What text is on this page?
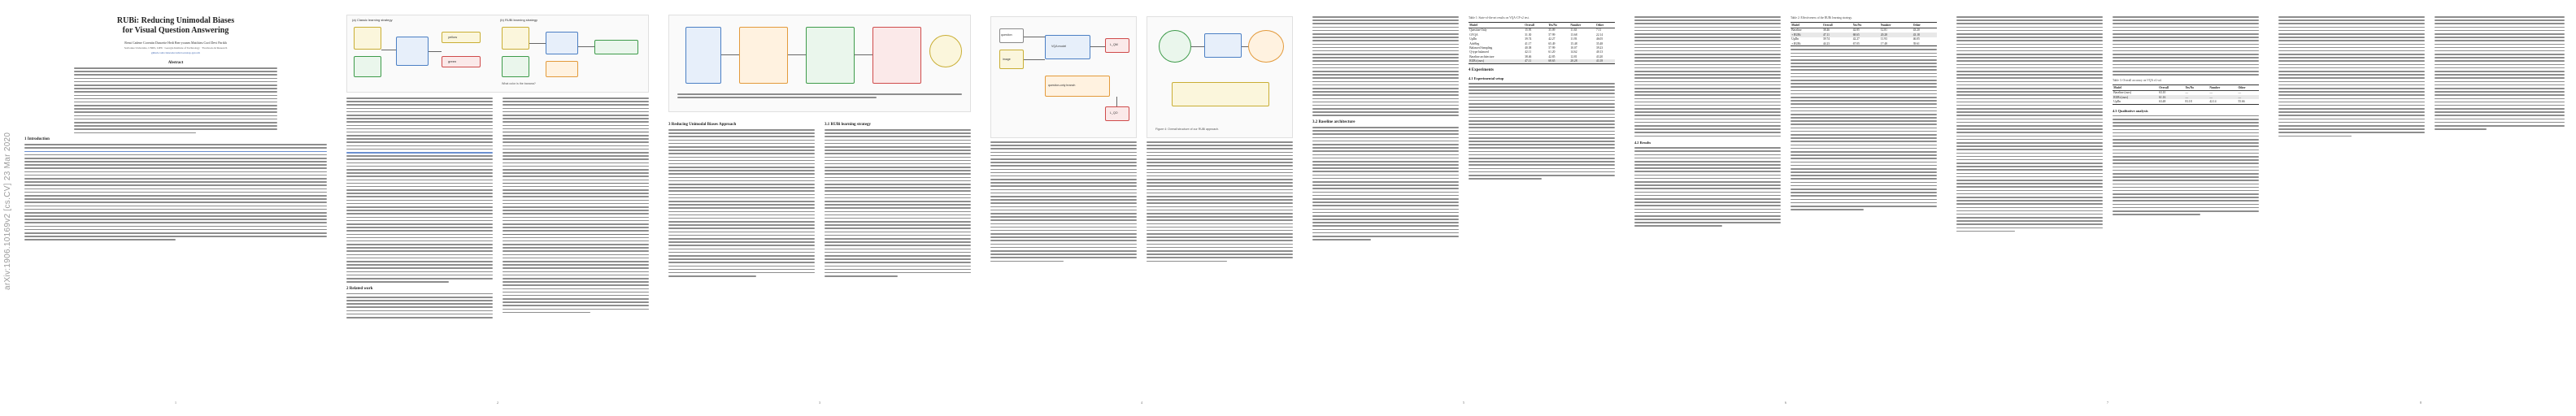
arXiv:1906.10169v2 [cs.CV] 23 Mar 2020
RUBi: Reducing Unimodal Biases
for Visual Question Answering
Remi Cadene Corentin Dancette Hedi Ben-younes Matthieu Cord Devi Parikh
Sorbonne Universite, CNRS, LIP6 · Georgia Institute of Technology · Facebook AI Research
github.com/cdancette/rubi.bootstrap.pytorch
Abstract
1 Introduction
1
(a) Classic learning strategy	(b) RUBi learning strategy
yellow
green
What color is the banana?
2 Related work
2
3 Reducing Unimodal Biases Approach	3.1 RUBi learning strategy
3
question
image
VQA model
question-only branch
L_QM
L_QO
Figure 4: Overall structure of our RUBi approach.
4
3.2 Baseline architecture
Table 1: State-of-the-art results on VQA-CP v2 test.
Model	Overall	Yes/No	Number	Other
Question-Only	15.95	35.09	11.63	7.11
GVQA	31.30	57.99	13.68	22.14
UpDn	39.74	42.27	11.93	46.05
AdvReg	41.17	65.49	15.48	35.48
Balanced Sampling	40.38	57.99	10.07	39.23
Q-type balanced	42.11	61.20	14.62	40.13
Baseline architecture	38.46	42.85	12.81	43.20
RUBi (ours)	47.11	68.65	20.28	43.18
4 Experiments
4.1 Experimental setup
5
4.2 Results
Table 2: Effectiveness of the RUBi learning strategy.
Model	Overall	Yes/No	Number	Other
Baseline	38.46	42.85	12.81	43.20
+ RUBi	47.11	68.65	20.28	43.18
UpDn	39.74	42.27	11.93	46.05
+ RUBi	44.23	67.05	17.48	39.61
6
Table 3: Overall accuracy on VQA v2 val.
Model	Overall	Yes/No	Number	Other
Baseline (ours)	63.10	—	—	—
RUBi (ours)	61.16	—	—	—
UpDn	63.48	81.18	42.14	55.66
4.3 Qualitative analysis
7	8
